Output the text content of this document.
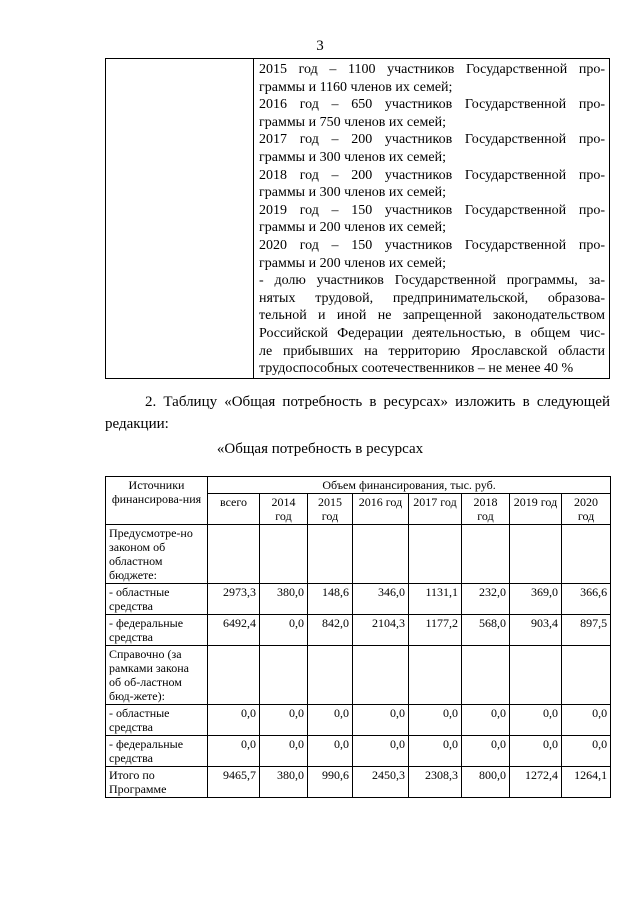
3

2015 год – 1100 участников Государственной про-
граммы и 1160 членов их семей;
2016 год – 650 участников Государственной про-
граммы и 750 членов их семей;
2017 год – 200 участников Государственной про-
граммы и 300 членов их семей;
2018 год – 200 участников Государственной про-
граммы и 300 членов их семей;
2019 год – 150 участников Государственной про-
граммы и 200 членов их семей;
2020 год – 150 участников Государственной про-
граммы и 200 членов их семей;
- долю участников Государственной программы, за-
нятых трудовой, предпринимательской, образова-
тельной и иной не запрещенной законодательством
Российской Федерации деятельностью, в общем чис-
ле прибывших на территорию Ярославской области
трудоспособных соотечественников – не менее 40 %
2. Таблицу «Общая потребность в ресурсах» изложить в следующей
редакции:
«Общая потребность в ресурсах
Источники финансирова-ния	Объем финансирования, тыс. руб.							
	всего	2014 год	2015 год	2016 год	2017 год	2018 год	2019 год	2020 год
Предусмотре-но законом об областном бюджете:								
- областные средства	2973,3	380,0	148,6	346,0	1131,1	232,0	369,0	366,6
- федеральные средства	6492,4	0,0	842,0	2104,3	1177,2	568,0	903,4	897,5
Справочно (за рамками закона об об-ластном бюд-жете):								
- областные средства	0,0	0,0	0,0	0,0	0,0	0,0	0,0	0,0
- федеральные средства	0,0	0,0	0,0	0,0	0,0	0,0	0,0	0,0
Итого по Программе	9465,7	380,0	990,6	2450,3	2308,3	800,0	1272,4	1264,1
